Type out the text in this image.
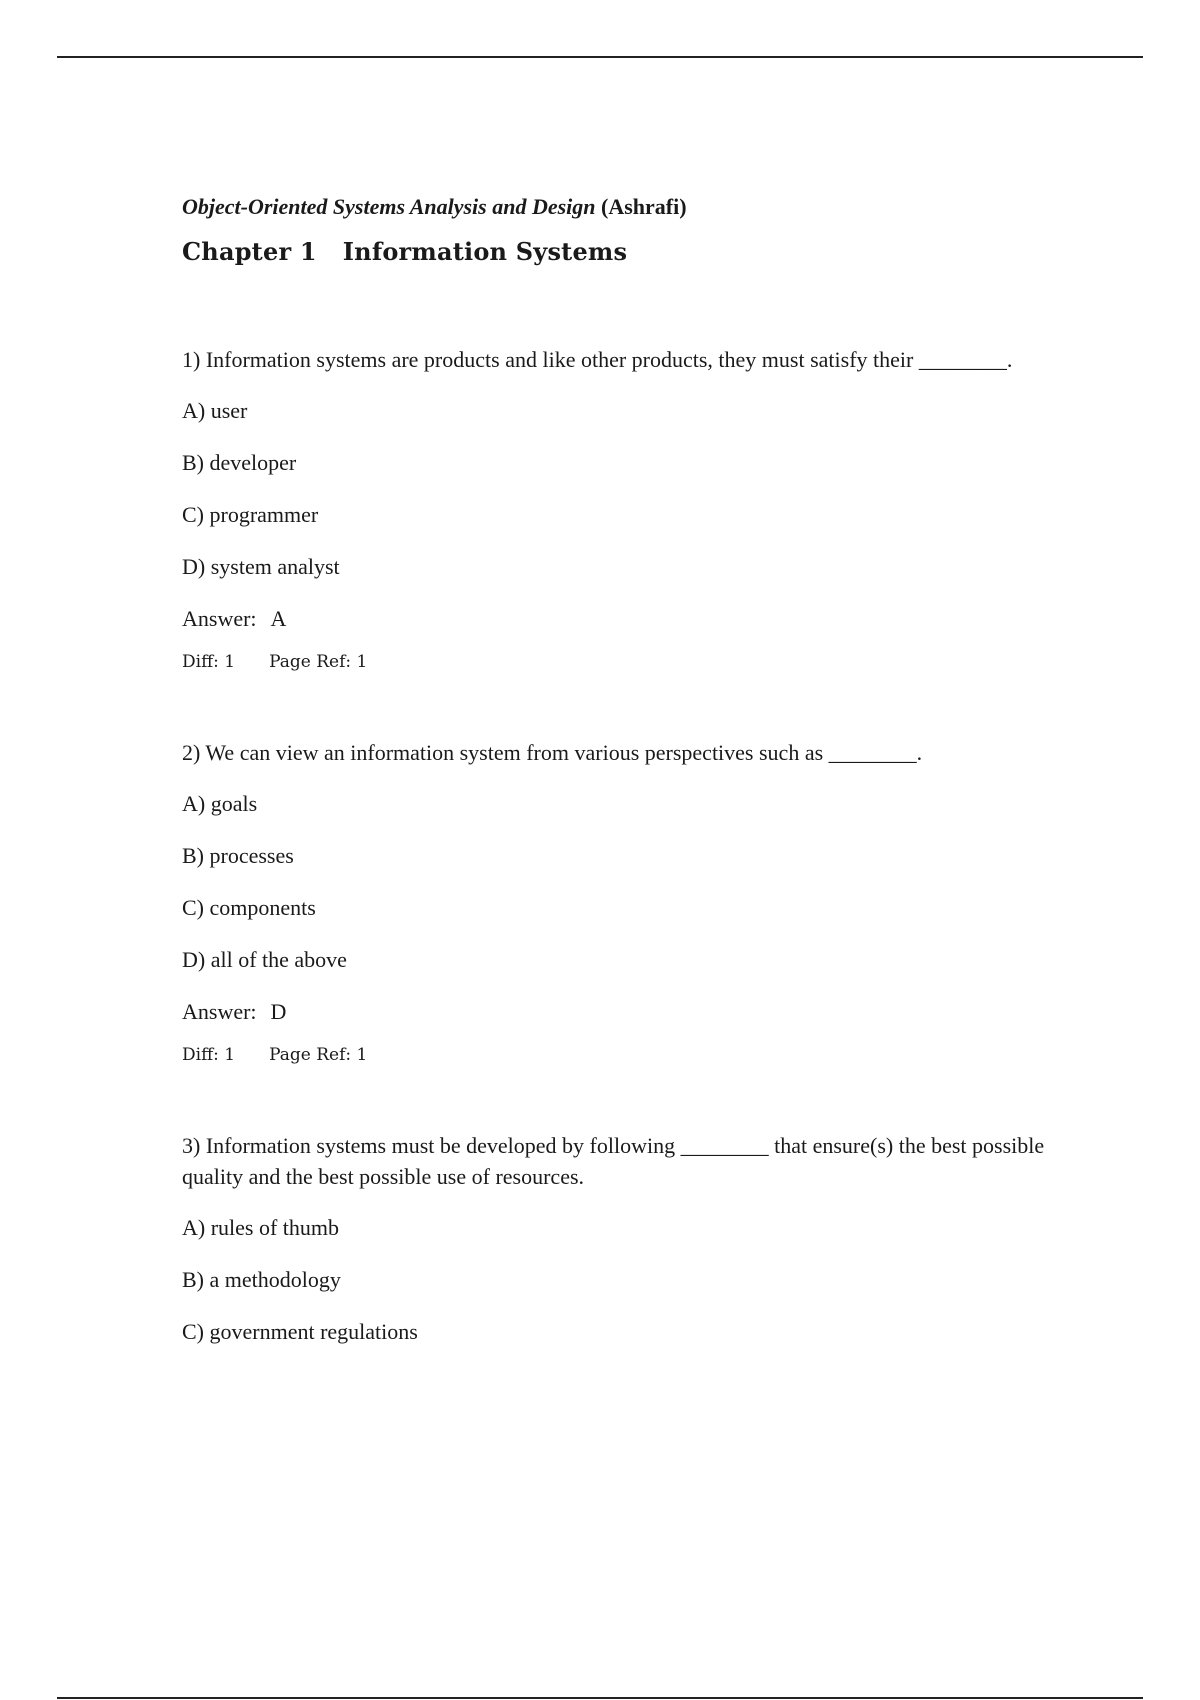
Object-Oriented Systems Analysis and Design (Ashrafi)

Chapter 1 Information Systems

1) Information systems are products and like other products, they must satisfy their ________.

A) user

B) developer

C) programmer

D) system analyst

Answer: A

Diff: 1 Page Ref: 1

2) We can view an information system from various perspectives such as ________.

A) goals

B) processes

C) components

D) all of the above

Answer: D

Diff: 1 Page Ref: 1

3) Information systems must be developed by following ________ that ensure(s) the best possible quality and the best possible use of resources.

A) rules of thumb

B) a methodology

C) government regulations
